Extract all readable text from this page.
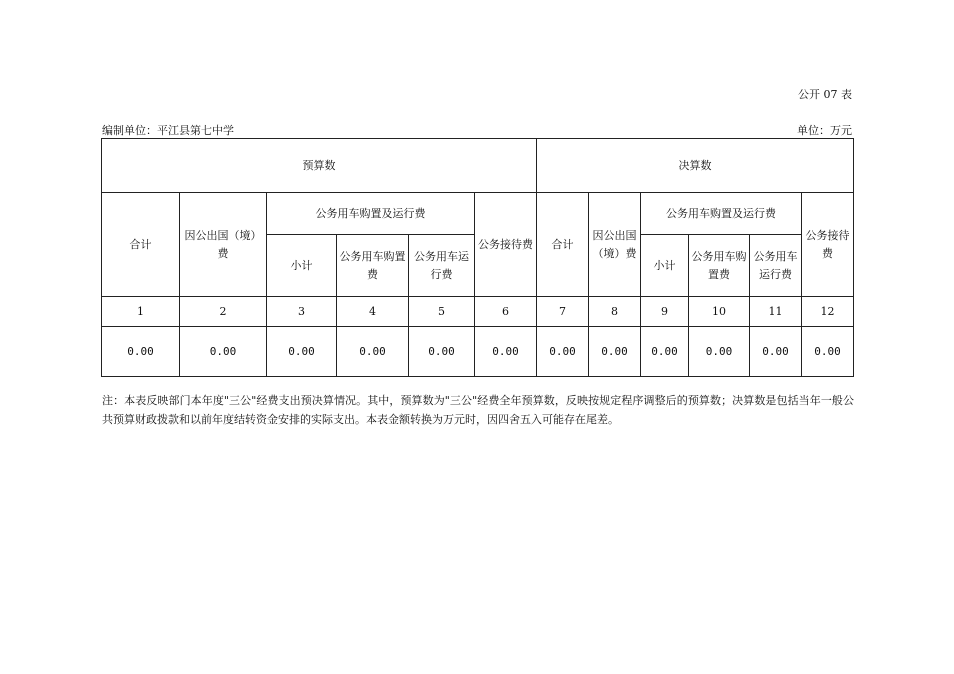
公开 07 表
编制单位：平江县第七中学	单位：万元
预算数						决算数					
合计	因公出国（境）费	公务用车购置及运行费			公务接待费	合计	因公出国（境）费	公务用车购置及运行费			公务接待费
		小计	公务用车购置费	公务用车运行费				小计	公务用车购置费	公务用车运行费	
1	2	3	4	5	6	7	8	9	10	11	12
0.00	0.00	0.00	0.00	0.00	0.00	0.00	0.00	0.00	0.00	0.00	0.00
注：本表反映部门本年度"三公"经费支出预决算情况。其中，预算数为"三公"经费全年预算数，反映按规定程序调整后的预算数；决算数是包括当年一般公共预算财政拨款和以前年度结转资金安排的实际支出。本表金额转换为万元时，因四舍五入可能存在尾差。
